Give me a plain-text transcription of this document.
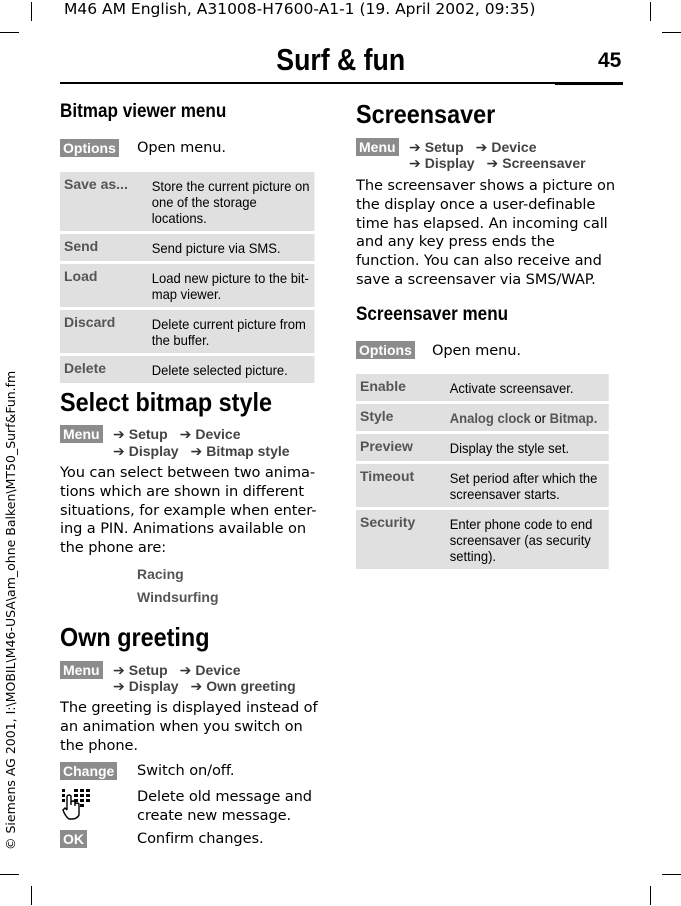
M46 AM English, A31008-H7600-A1-1 (19. April 2002, 09:35)
© Siemens AG 2001, I:\MOBIL\M46-USA\am_ohne Balken\MT50_Surf&Fun.fm
Surf & fun	45
Bitmap viewer menu
Options Open menu.
Save as...	Store the current picture on one of the storage locations.
Send	Send picture via SMS.
Load	Load new picture to the bit-map viewer.
Discard	Delete current picture from the buffer.
Delete	Delete selected picture.
Select bitmap style
Menu ➔ Setup ➔ Device
➔ Display ➔ Bitmap style
You can select between two anima-tions which are shown in different situations, for example when enter-ing a PIN. Animations available on the phone are:
Racing
Windsurfing
Own greeting
Menu ➔ Setup ➔ Device
➔ Display ➔ Own greeting
The greeting is displayed instead of an animation when you switch on the phone.
Change Switch on/off.
Delete old message and create new message.
OK	Confirm changes.
Screensaver
Menu ➔ Setup ➔ Device
➔ Display ➔ Screensaver
The screensaver shows a picture on the display once a user-definable time has elapsed. An incoming call and any key press ends the function. You can also receive and save a screensaver via SMS/WAP.
Screensaver menu
Options Open menu.
Enable	Activate screensaver.
Style	Analog clock or Bitmap.
Preview	Display the style set.
Timeout	Set period after which the screensaver starts.
Security	Enter phone code to end screensaver (as security setting).
